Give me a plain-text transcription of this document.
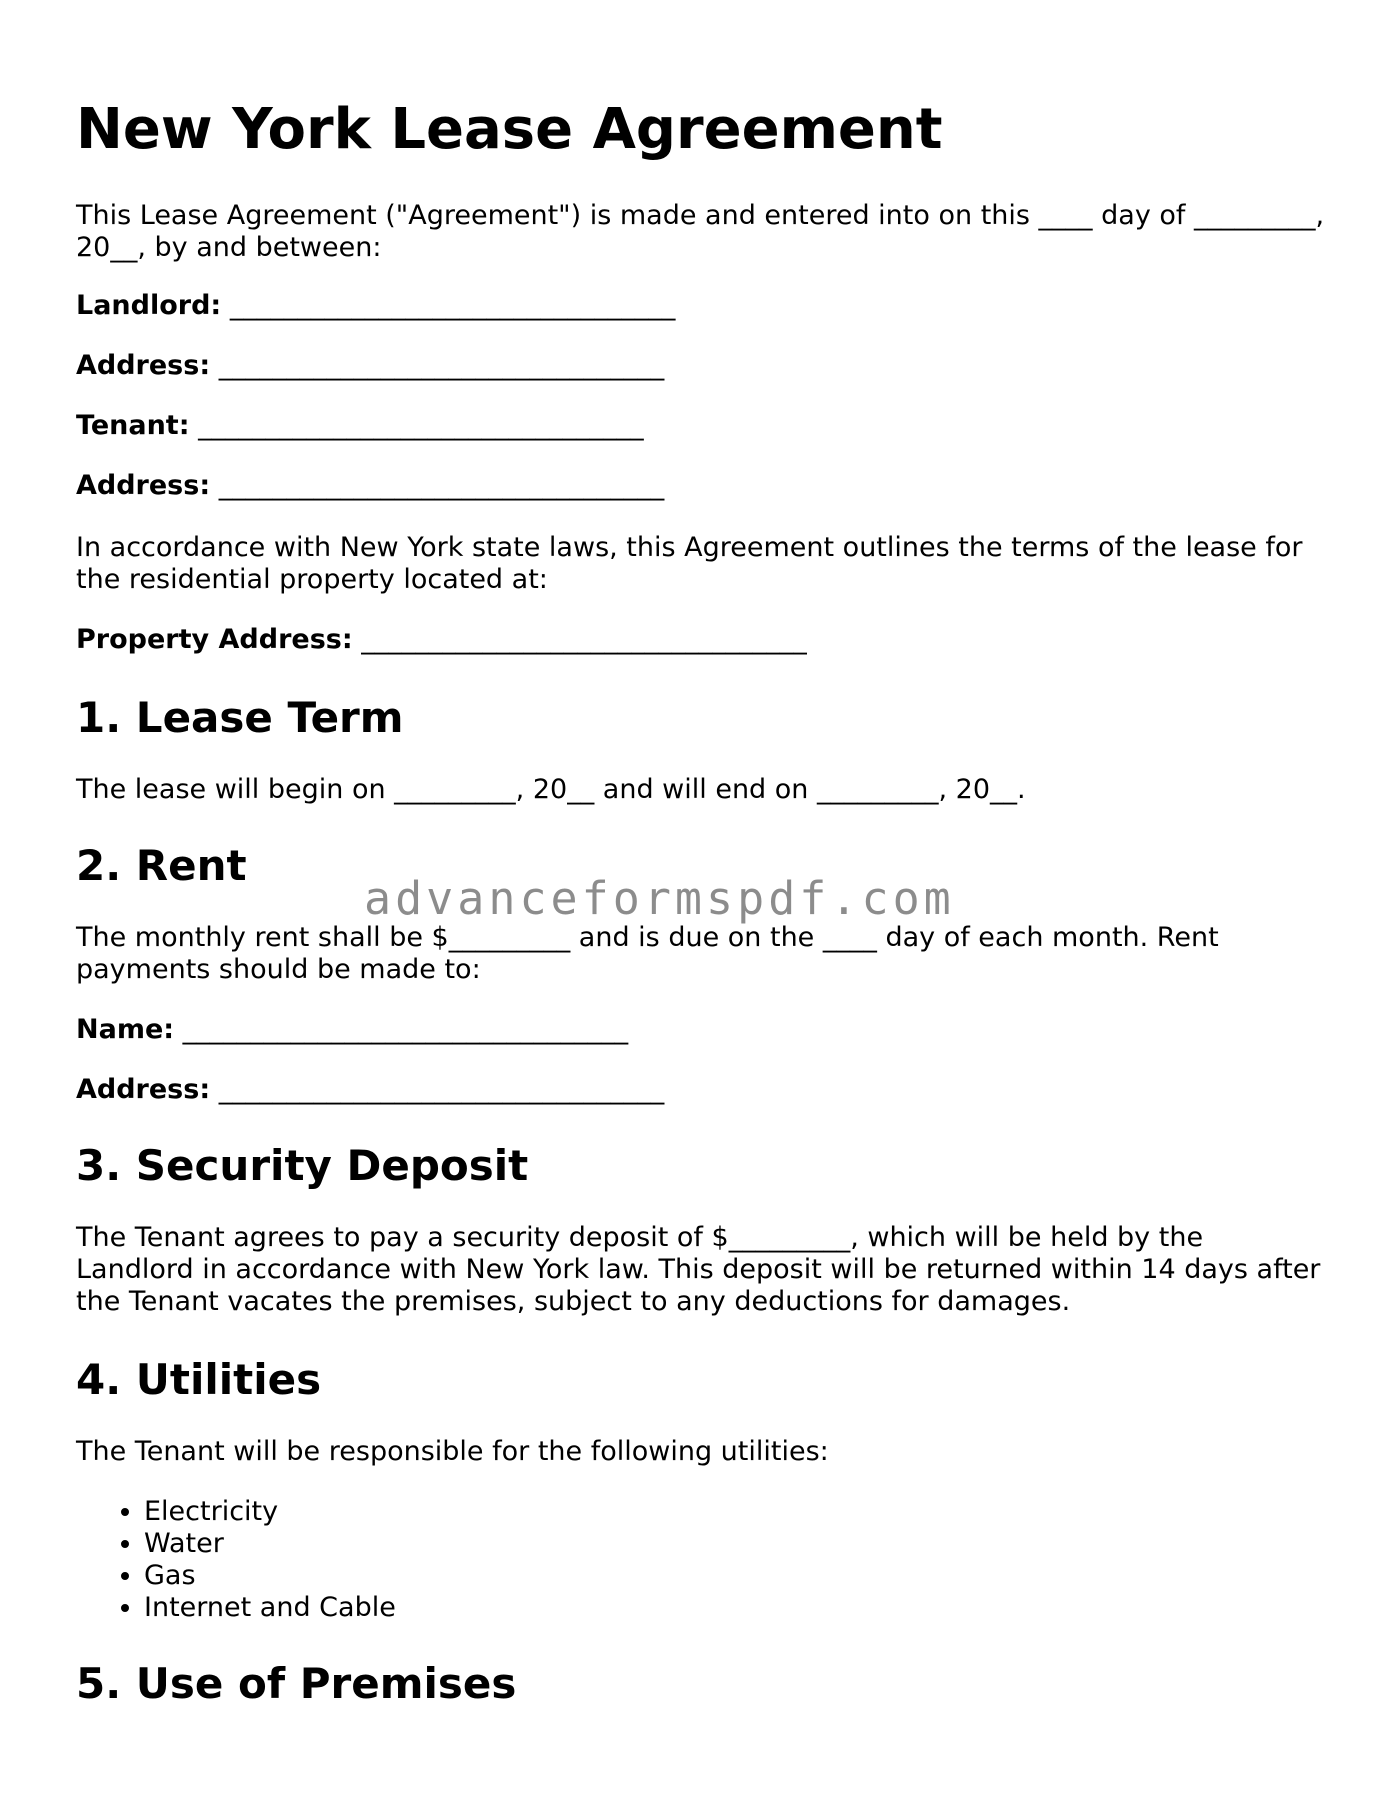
New York Lease Agreement

This Lease Agreement ("Agreement") is made and entered into on this ____ day of _________, 20__, by and between:

Landlord: _________________________________

Address: _________________________________

Tenant: _________________________________

Address: _________________________________

In accordance with New York state laws, this Agreement outlines the terms of the lease for the residential property located at:

Property Address: _________________________________

1. Lease Term

The lease will begin on _________, 20__ and will end on _________, 20__.

2. Rent

The monthly rent shall be $_________ and is due on the ____ day of each month. Rent payments should be made to:

Name: _________________________________

Address: _________________________________

3. Security Deposit

The Tenant agrees to pay a security deposit of $_________, which will be held by the Landlord in accordance with New York law. This deposit will be returned within 14 days after the Tenant vacates the premises, subject to any deductions for damages.

4. Utilities

The Tenant will be responsible for the following utilities:

• Electricity
• Water
• Gas
• Internet and Cable
5. Use of Premises
advanceformspdf.com
